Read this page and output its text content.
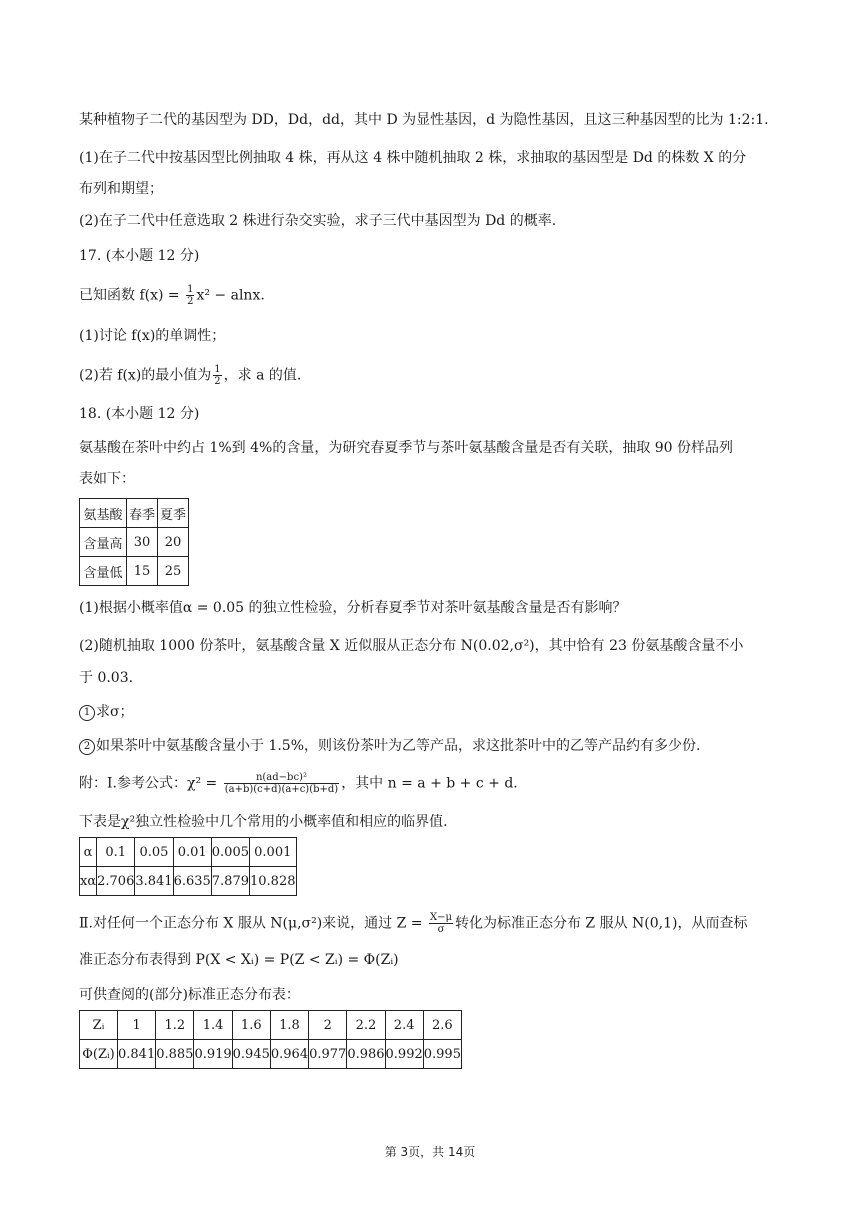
某种植物子二代的基因型为 DD，Dd，dd，其中 D 为显性基因，d 为隐性基因，且这三种基因型的比为 1:2:1.
(1)在子二代中按基因型比例抽取 4 株，再从这 4 株中随机抽取 2 株，求抽取的基因型是 Dd 的株数 X 的分
布列和期望；
(2)在子二代中任意选取 2 株进行杂交实验，求子三代中基因型为 Dd 的概率.
17. (本小题 12 分)
已知函数 $f(x) = \frac{1}{2} x^2 - alnx$.
(1)讨论 f(x)的单调性；
(2)若 f(x)的最小值为 $\frac{1}{2}$ ，求 a 的值.
18. (本小题 12 分)
氨基酸在茶叶中约占 1%到 4%的含量，为研究春夏季节与茶叶氨基酸含量是否有关联，抽取 90 份样品列
表如下：
氨基酸	春季	夏季
含量高	30	20
含量低	15	25
(1)根据小概率值α = 0.05 的独立性检验，分析春夏季节对茶叶氨基酸含量是否有影响？
(2)随机抽取 1000 份茶叶，氨基酸含量 X 近似服从正态分布 N(0.02,σ²)，其中恰有 23 份氨基酸含量不小
于 0.03.
1 求σ；
2 如果茶叶中氨基酸含量小于 1.5%，则该份茶叶为乙等产品，求这批茶叶中的乙等产品约有多少份.
附：Ⅰ.参考公式：$\chi^2 = \frac{\text{n(ad−bc)²}}{(a+b)(c+d)(a+c)(b+d)}$ ，其中 n = a + b + c + d.
下表是χ²独立性检验中几个常用的小概率值和相应的临界值.
α	0.1	0.05	0.01	0.005	0.001
xα	2.706	3.841	6.635	7.879	10.828
Ⅱ.对任何一个正态分布 X 服从 N(μ,σ²)来说，通过 $Z = \frac{X-\mu}{\sigma}$ 转化为标准正态分布 Z 服从 N(0,1)，从而查标
准正态分布表得到 P(X < Xᵢ) = P(Z < Zᵢ) = Φ(Zᵢ)
可供查阅的(部分)标准正态分布表：
Zᵢ	1	1.2	1.4	1.6	1.8	2	2.2	2.4	2.6
Φ(Zᵢ)	0.841	0.885	0.919	0.945	0.964	0.977	0.986	0.992	0.995
第 3页，共 14页
